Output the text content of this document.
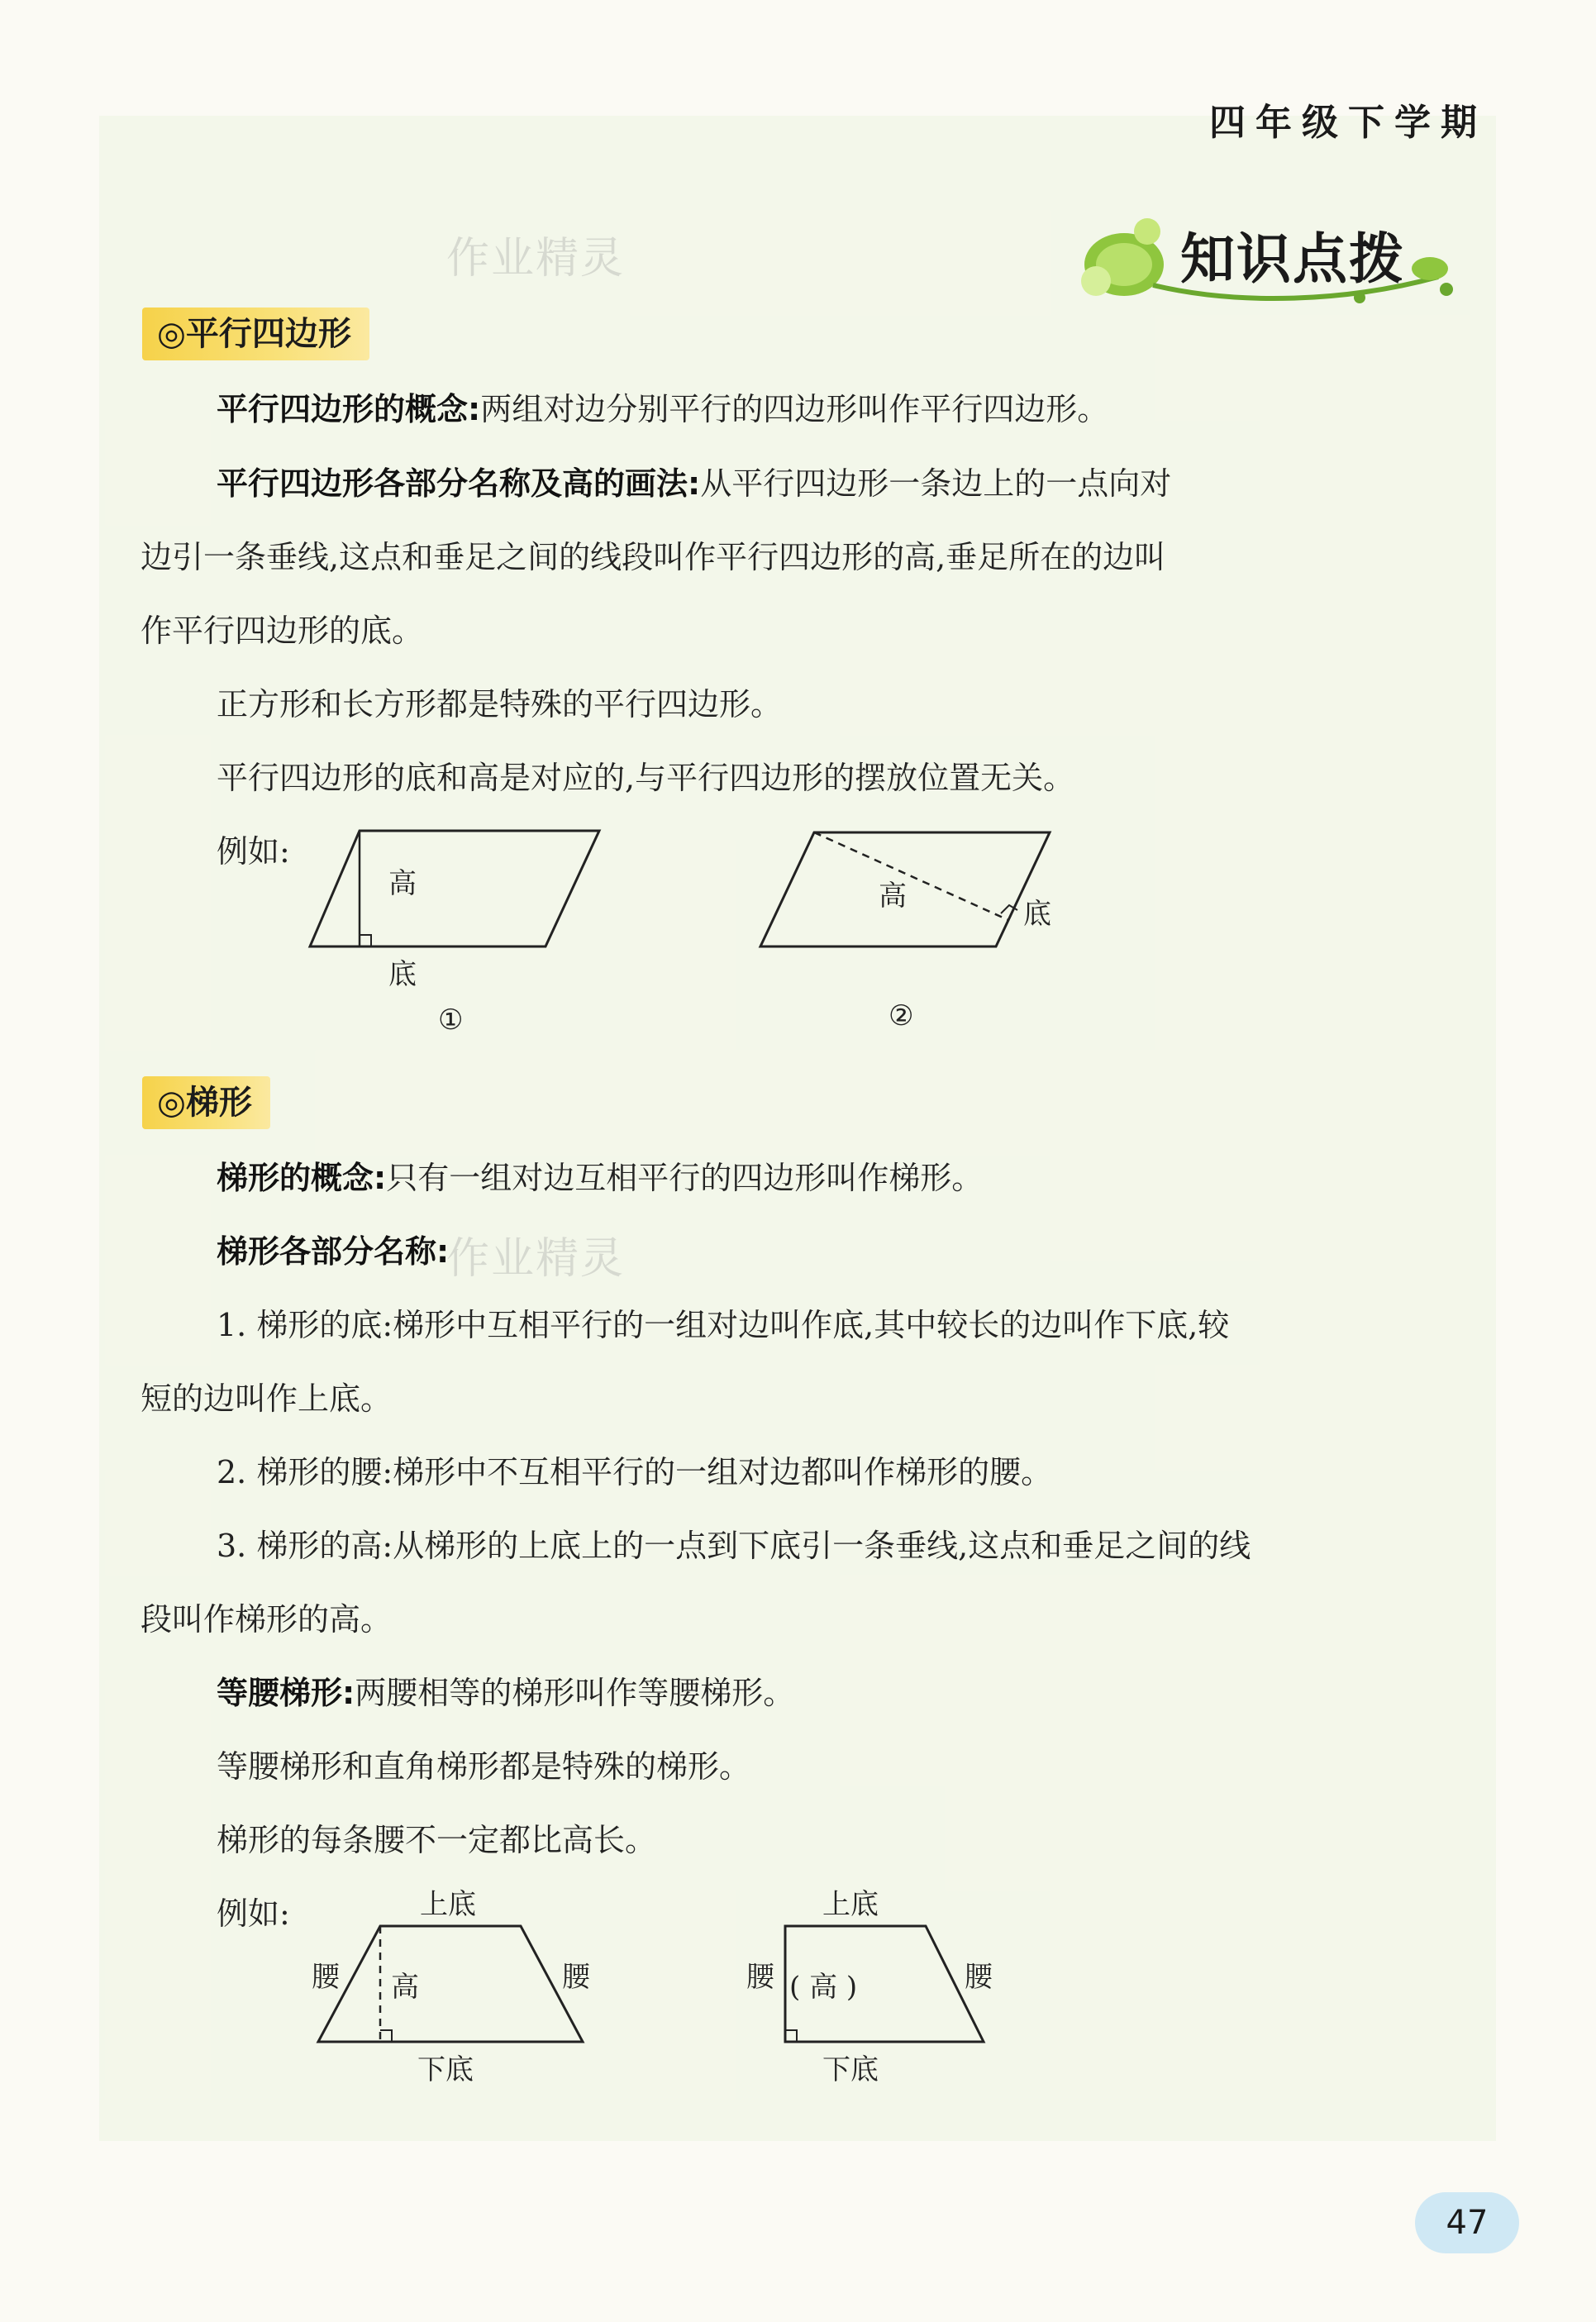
四年级下学期
知识点拨
作业精灵
作业精灵
◎平行四边形
平行四边形的概念:两组对边分别平行的四边形叫作平行四边形。
平行四边形各部分名称及高的画法:从平行四边形一条边上的一点向对
边引一条垂线,这点和垂足之间的线段叫作平行四边形的高,垂足所在的边叫
作平行四边形的底。
正方形和长方形都是特殊的平行四边形。
平行四边形的底和高是对应的,与平行四边形的摆放位置无关。
例如:
高
底
①
高
底
②
◎梯形
梯形的概念:只有一组对边互相平行的四边形叫作梯形。
梯形各部分名称:
1. 梯形的底:梯形中互相平行的一组对边叫作底,其中较长的边叫作下底,较
短的边叫作上底。
2. 梯形的腰:梯形中不互相平行的一组对边都叫作梯形的腰。
3. 梯形的高:从梯形的上底上的一点到下底引一条垂线,这点和垂足之间的线
段叫作梯形的高。
等腰梯形:两腰相等的梯形叫作等腰梯形。
等腰梯形和直角梯形都是特殊的梯形。
梯形的每条腰不一定都比高长。
例如:	上底
腰 高	腰
下底
上底
腰 ( 高 )	腰
下底
47
